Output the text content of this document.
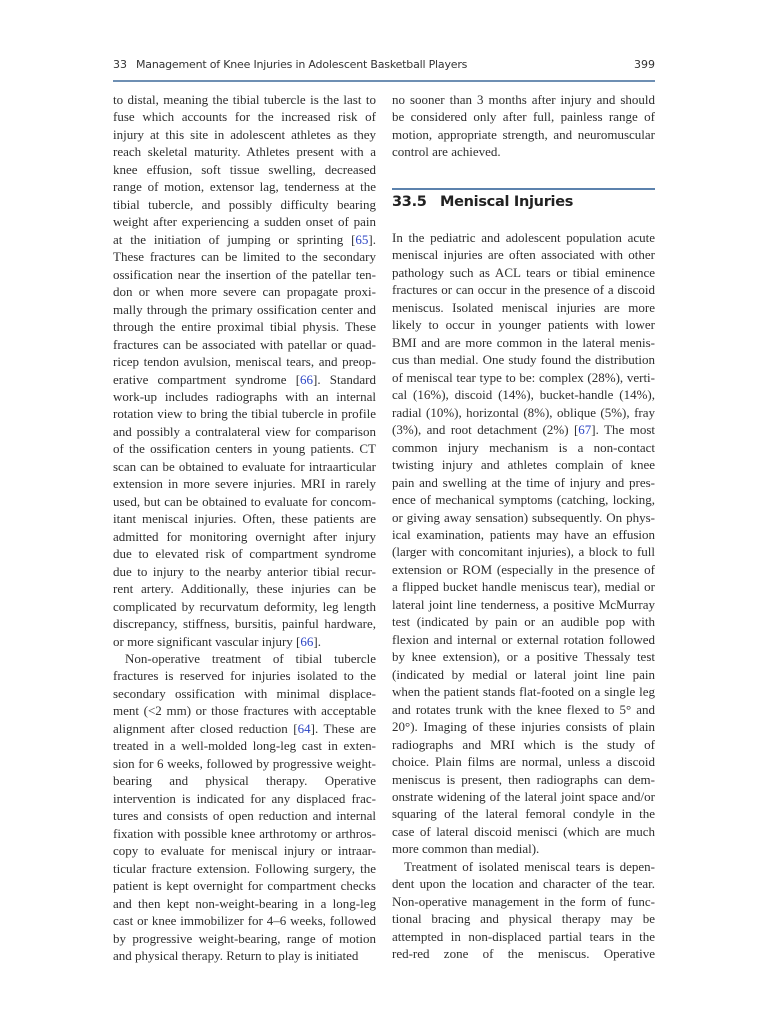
33 Management of Knee Injuries in Adolescent Basketball Players	399
to distal, meaning the tibial tubercle is the last to
fuse which accounts for the increased risk of
injury at this site in adolescent athletes as they
reach skeletal maturity. Athletes present with a
knee effusion, soft tissue swelling, decreased
range of motion, extensor lag, tenderness at the
tibial tubercle, and possibly difficulty bearing
weight after experiencing a sudden onset of pain
at the initiation of jumping or sprinting [65].
These fractures can be limited to the secondary
ossification near the insertion of the patellar ten-
don or when more severe can propagate proxi-
mally through the primary ossification center and
through the entire proximal tibial physis. These
fractures can be associated with patellar or quad-
ricep tendon avulsion, meniscal tears, and preop-
erative compartment syndrome [66]. Standard
work-up includes radiographs with an internal
rotation view to bring the tibial tubercle in profile
and possibly a contralateral view for comparison
of the ossification centers in young patients. CT
scan can be obtained to evaluate for intraarticular
extension in more severe injuries. MRI in rarely
used, but can be obtained to evaluate for concom-
itant meniscal injuries. Often, these patients are
admitted for monitoring overnight after injury
due to elevated risk of compartment syndrome
due to injury to the nearby anterior tibial recur-
rent artery. Additionally, these injuries can be
complicated by recurvatum deformity, leg length
discrepancy, stiffness, bursitis, painful hardware,
or more significant vascular injury [66].
Non-operative treatment of tibial tubercle
fractures is reserved for injuries isolated to the
secondary ossification with minimal displace-
ment (<2 mm) or those fractures with acceptable
alignment after closed reduction [64]. These are
treated in a well-molded long-leg cast in exten-
sion for 6 weeks, followed by progressive weight-
bearing and physical therapy. Operative
intervention is indicated for any displaced frac-
tures and consists of open reduction and internal
fixation with possible knee arthrotomy or arthros-
copy to evaluate for meniscal injury or intraar-
ticular fracture extension. Following surgery, the
patient is kept overnight for compartment checks
and then kept non-weight-bearing in a long-leg
cast or knee immobilizer for 4–6 weeks, followed
by progressive weight-bearing, range of motion
and physical therapy. Return to play is initiated
no sooner than 3 months after injury and should
be considered only after full, painless range of
motion, appropriate strength, and neuromuscular
control are achieved.
33.5 Meniscal Injuries
In the pediatric and adolescent population acute
meniscal injuries are often associated with other
pathology such as ACL tears or tibial eminence
fractures or can occur in the presence of a discoid
meniscus. Isolated meniscal injuries are more
likely to occur in younger patients with lower
BMI and are more common in the lateral menis-
cus than medial. One study found the distribution
of meniscal tear type to be: complex (28%), verti-
cal (16%), discoid (14%), bucket-handle (14%),
radial (10%), horizontal (8%), oblique (5%), fray
(3%), and root detachment (2%) [67]. The most
common injury mechanism is a non-contact
twisting injury and athletes complain of knee
pain and swelling at the time of injury and pres-
ence of mechanical symptoms (catching, locking,
or giving away sensation) subsequently. On phys-
ical examination, patients may have an effusion
(larger with concomitant injuries), a block to full
extension or ROM (especially in the presence of
a flipped bucket handle meniscus tear), medial or
lateral joint line tenderness, a positive McMurray
test (indicated by pain or an audible pop with
flexion and internal or external rotation followed
by knee extension), or a positive Thessaly test
(indicated by medial or lateral joint line pain
when the patient stands flat-footed on a single leg
and rotates trunk with the knee flexed to 5° and
20°). Imaging of these injuries consists of plain
radiographs and MRI which is the study of
choice. Plain films are normal, unless a discoid
meniscus is present, then radiographs can dem-
onstrate widening of the lateral joint space and/or
squaring of the lateral femoral condyle in the
case of lateral discoid menisci (which are much
more common than medial).
Treatment of isolated meniscal tears is depen-
dent upon the location and character of the tear.
Non-operative management in the form of func-
tional bracing and physical therapy may be
attempted in non-displaced partial tears in the
red-red zone of the meniscus. Operative
